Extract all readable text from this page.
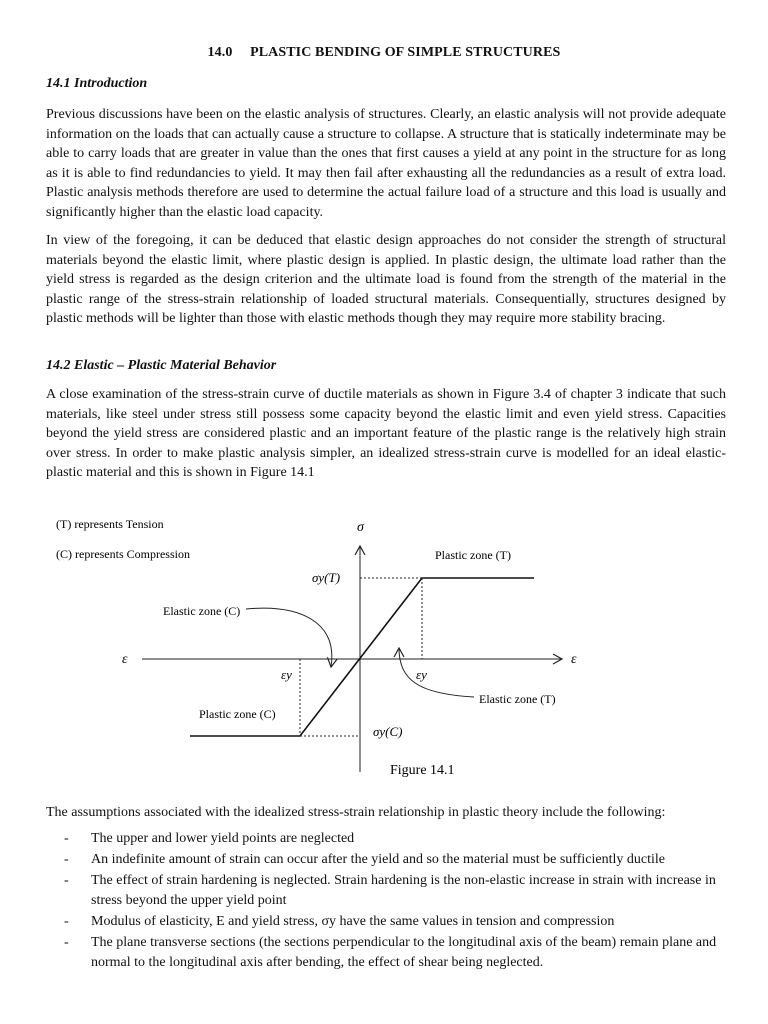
14.0 PLASTIC BENDING OF SIMPLE STRUCTURES
14.1 Introduction

Previous discussions have been on the elastic analysis of structures. Clearly, an elastic analysis will not provide adequate information on the loads that can actually cause a structure to collapse. A structure that is statically indeterminate may be able to carry loads that are greater in value than the ones that first causes a yield at any point in the structure for as long as it is able to find redundancies to yield. It may then fail after exhausting all the redundancies as a result of extra load. Plastic analysis methods therefore are used to determine the actual failure load of a structure and this load is usually and significantly higher than the elastic load capacity.

In view of the foregoing, it can be deduced that elastic design approaches do not consider the strength of structural materials beyond the elastic limit, where plastic design is applied. In plastic design, the ultimate load rather than the yield stress is regarded as the design criterion and the ultimate load is found from the strength of the material in the plastic range of the stress-strain relationship of loaded structural materials. Consequentially, structures designed by plastic methods will be lighter than those with elastic methods though they may require more stability bracing.

14.2 Elastic – Plastic Material Behavior

A close examination of the stress-strain curve of ductile materials as shown in Figure 3.4 of chapter 3 indicate that such materials, like steel under stress still possess some capacity beyond the elastic limit and even yield stress. Capacities beyond the yield stress are considered plastic and an important feature of the plastic range is the relatively high strain over stress. In order to make plastic analysis simpler, an idealized stress-strain curve is modelled for an ideal elastic-plastic material and this is shown in Figure 14.1

(T) represents Tension
(C) represents Compression
σ
ε	ε
σy(T)
σy(C)
εy	εy
Plastic zone (T)
Plastic zone (C)
Elastic zone (C)
Elastic zone (T)
Figure 14.1

The assumptions associated with the idealized stress-strain relationship in plastic theory include the following:

- The upper and lower yield points are neglected
- An indefinite amount of strain can occur after the yield and so the material must be sufficiently ductile
- The effect of strain hardening is neglected. Strain hardening is the non-elastic increase in strain with increase in stress beyond the upper yield point
- Modulus of elasticity, E and yield stress, σy have the same values in tension and compression
- The plane transverse sections (the sections perpendicular to the longitudinal axis of the beam) remain plane and normal to the longitudinal axis after bending, the effect of shear being neglected.
